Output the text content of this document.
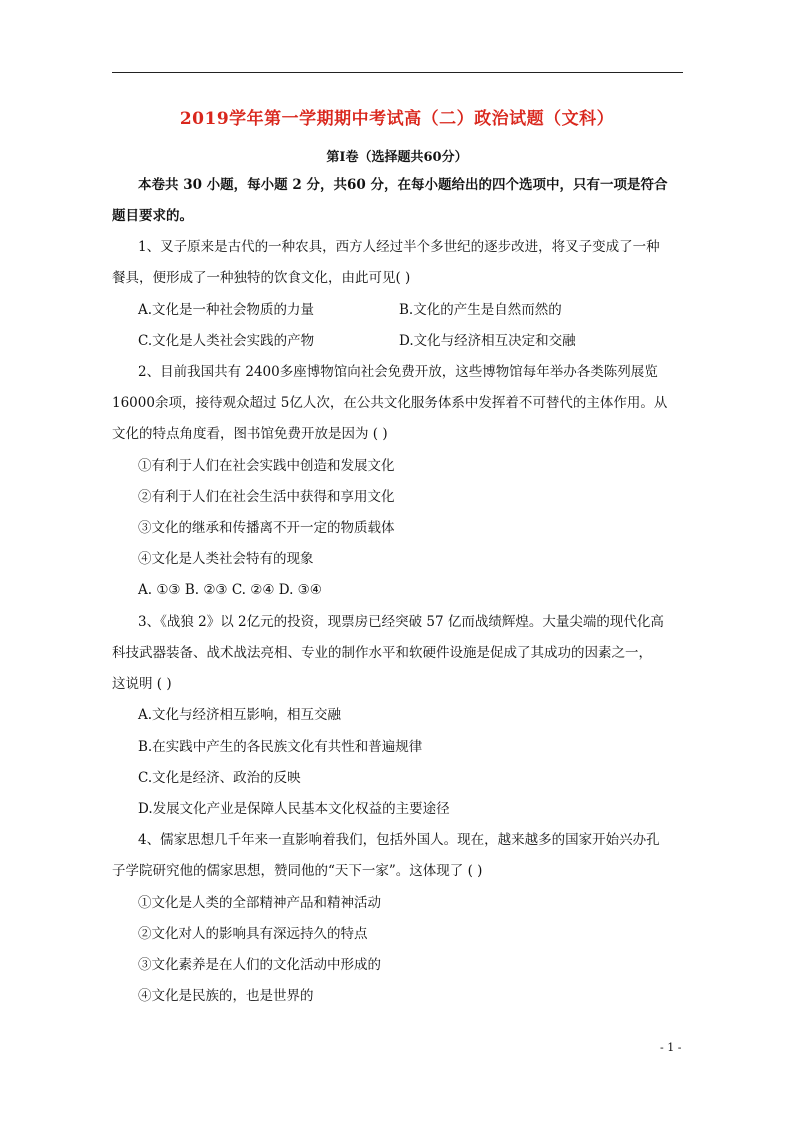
2019学年第一学期期中考试高（二）政治试题（文科）
第Ⅰ卷（选择题共60分）
本卷共 30 小题，每小题 2 分，共60 分，在每小题给出的四个选项中，只有一项是符合
题目要求的。
1、叉子原来是古代的一种农具，西方人经过半个多世纪的逐步改进，将叉子变成了一种
餐具，便形成了一种独特的饮食文化，由此可见( )
A.文化是一种社会物质的力量	B.文化的产生是自然而然的
C.文化是人类社会实践的产物	D.文化与经济相互决定和交融
2、目前我国共有 2400多座博物馆向社会免费开放，这些博物馆每年举办各类陈列展览
16000余项，接待观众超过 5亿人次，在公共文化服务体系中发挥着不可替代的主体作用。从
文化的特点角度看，图书馆免费开放是因为 ( )
①有利于人们在社会实践中创造和发展文化
②有利于人们在社会生活中获得和享用文化
③文化的继承和传播离不开一定的物质载体
④文化是人类社会特有的现象
A. ①③ B. ②③ C. ②④ D. ③④
3、《战狼 2》以 2亿元的投资，现票房已经突破 57 亿而战绩辉煌。大量尖端的现代化高
科技武器装备、战术战法亮相、专业的制作水平和软硬件设施是促成了其成功的因素之一，
这说明 ( )
A.文化与经济相互影响，相互交融
B.在实践中产生的各民族文化有共性和普遍规律
C.文化是经济、政治的反映
D.发展文化产业是保障人民基本文化权益的主要途径
4、儒家思想几千年来一直影响着我们，包括外国人。现在，越来越多的国家开始兴办孔
子学院研究他的儒家思想，赞同他的“天下一家”。这体现了 ( )
①文化是人类的全部精神产品和精神活动
②文化对人的影响具有深远持久的特点
③文化素养是在人们的文化活动中形成的
④文化是民族的，也是世界的
- 1 -
